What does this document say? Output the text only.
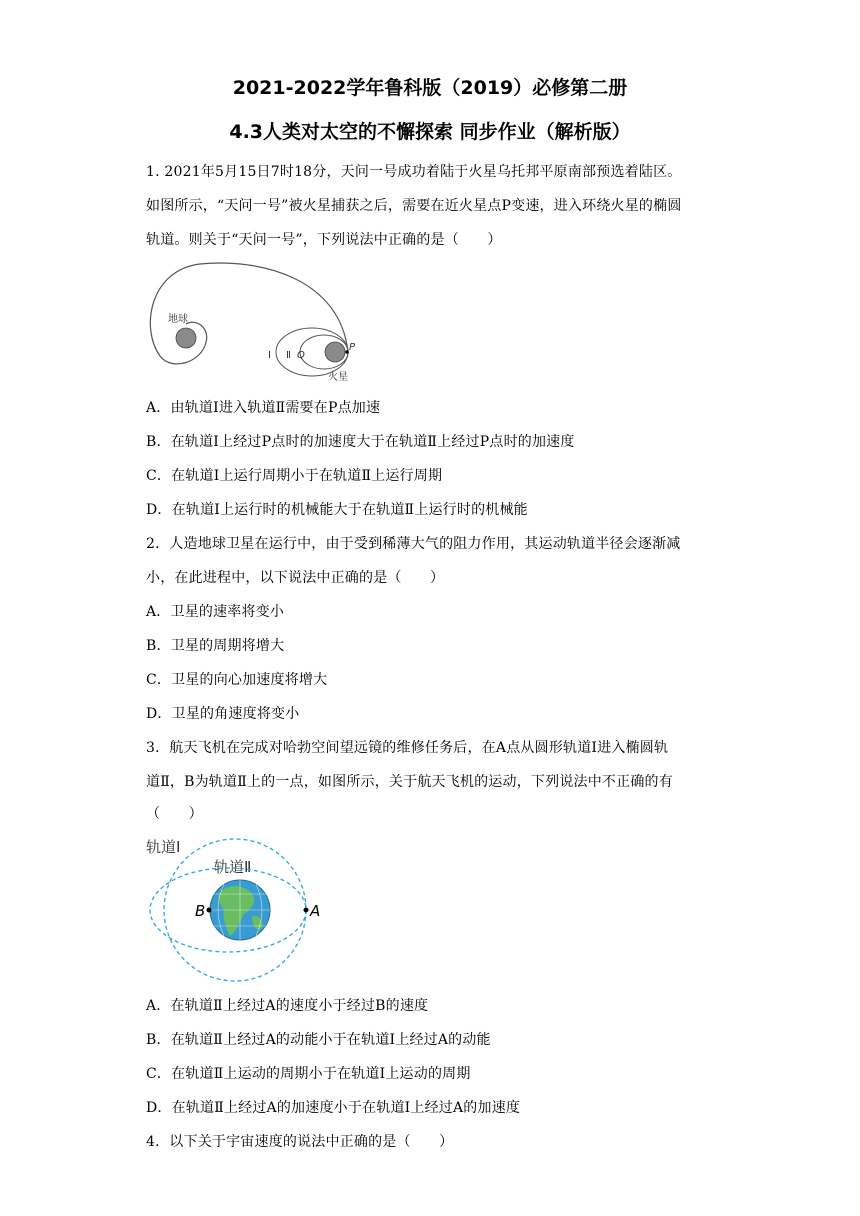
2021-2022学年鲁科版（2019）必修第二册
4.3人类对太空的不懈探索 同步作业（解析版）
1. 2021年5月15日7时18分，天问一号成功着陆于火星乌托邦平原南部预选着陆区。
如图所示，“天问一号”被火星捕获之后，需要在近火星点P变速，进入环绕火星的椭圆
轨道。则关于“天问一号”，下列说法中正确的是（　　）
地球
P
火星
Ⅰ Ⅱ Q
A．由轨道Ⅰ进入轨道Ⅱ需要在P点加速
B．在轨道Ⅰ上经过P点时的加速度大于在轨道Ⅱ上经过P点时的加速度
C．在轨道Ⅰ上运行周期小于在轨道Ⅱ上运行周期
D．在轨道Ⅰ上运行时的机械能大于在轨道Ⅱ上运行时的机械能
2．人造地球卫星在运行中，由于受到稀薄大气的阻力作用，其运动轨道半径会逐渐减
小，在此进程中，以下说法中正确的是（　　）
A．卫星的速率将变小
B．卫星的周期将增大
C．卫星的向心加速度将增大
D．卫星的角速度将变小
3．航天飞机在完成对哈勃空间望远镜的维修任务后，在A点从圆形轨道Ⅰ进入椭圆轨
道Ⅱ，B为轨道Ⅱ上的一点，如图所示，关于航天飞机的运动，下列说法中不正确的有
（　　）
轨道Ⅰ
轨道Ⅱ
B	A
A．在轨道Ⅱ上经过A的速度小于经过B的速度
B．在轨道Ⅱ上经过A的动能小于在轨道Ⅰ上经过A的动能
C．在轨道Ⅱ上运动的周期小于在轨道Ⅰ上运动的周期
D．在轨道Ⅱ上经过A的加速度小于在轨道Ⅰ上经过A的加速度
4．以下关于宇宙速度的说法中正确的是（　　）
